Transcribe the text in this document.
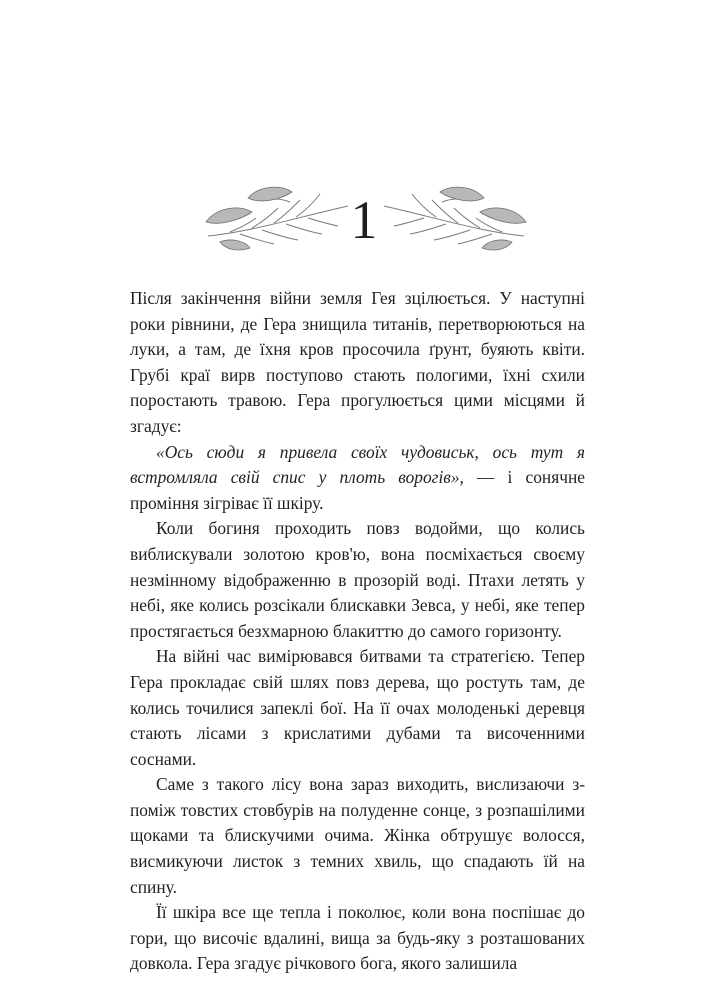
1

Після закінчення війни земля Гея зцілюється. У наступні роки рівнини, де Гера знищила титанів, перетворюються на луки, а там, де їхня кров просочила ґрунт, буяють квіти. Грубі краї вирв поступово стають пологими, їхні схили поростають травою. Гера прогулюється цими місцями й згадує:

«Ось сюди я привела своїх чудовиськ, ось тут я встромляла свій спис у плоть ворогів», — і сонячне проміння зігріває її шкіру.

Коли богиня проходить повз водойми, що колись виблискували золотою кров'ю, вона посміхається своєму незмінному відображенню в прозорій воді. Птахи летять у небі, яке колись розсікали блискавки Зевса, у небі, яке тепер простягається безхмарною блакиттю до самого горизонту.

На війні час вимірювався битвами та стратегією. Тепер Гера прокладає свій шлях повз дерева, що ростуть там, де колись точилися запеклі бої. На її очах молоденькі деревця стають лісами з крислатими дубами та височенними соснами.

Саме з такого лісу вона зараз виходить, вислизаючи з-поміж товстих стовбурів на полуденне сонце, з розпашілими щоками та блискучими очима. Жінка обтрушує волосся, висмикуючи листок з темних хвиль, що спадають їй на спину.

Її шкіра все ще тепла і поколює, коли вона поспішає до гори, що височіє вдалині, вища за будь-яку з розташованих довкола. Гера згадує річкового бога, якого залишила
